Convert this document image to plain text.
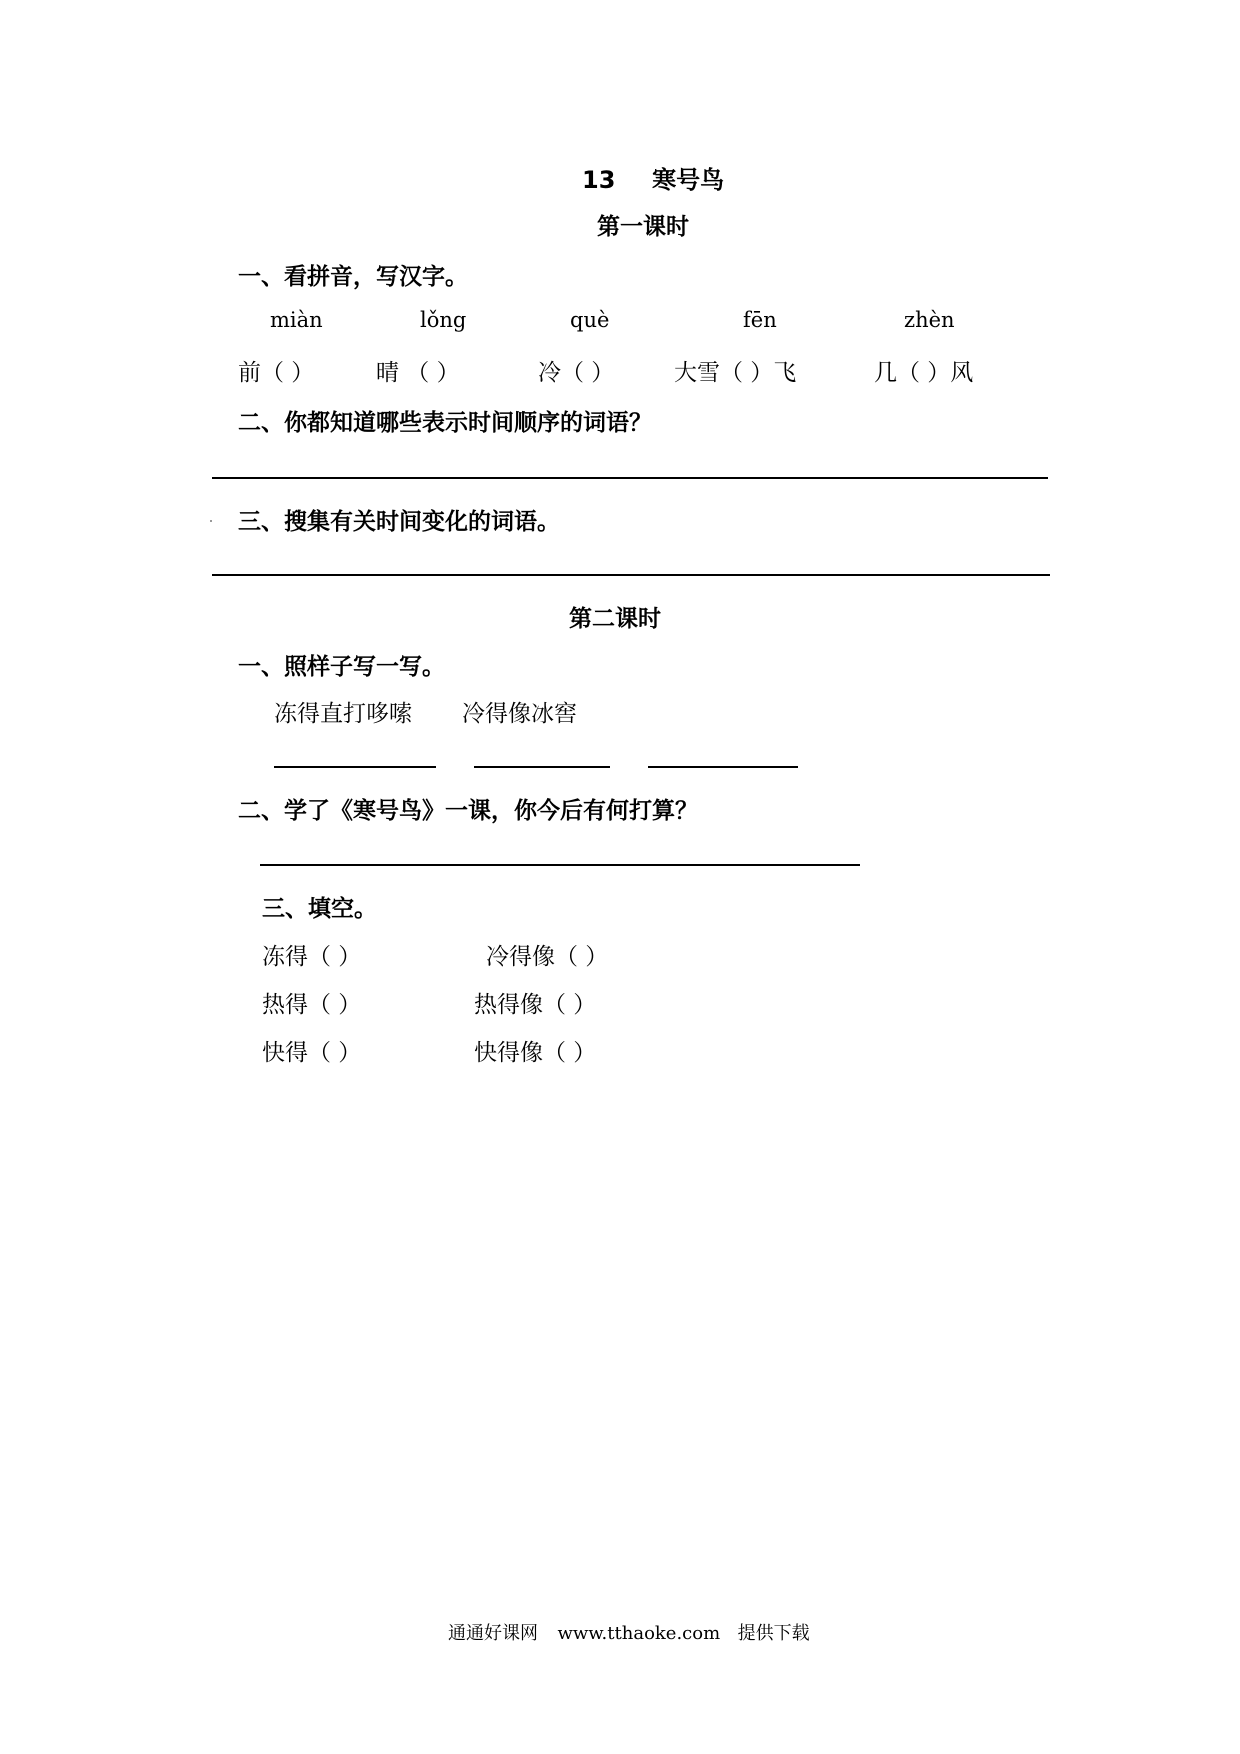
13 寒号鸟
第一课时
一、看拼音，写汉字。
miàn	lǒng	què	fēn	zhèn
前（ ）	晴 （ ）	冷（ ）	大雪（ ）飞	几（ ）风
二、你都知道哪些表示时间顺序的词语？
三、搜集有关时间变化的词语。
第二课时
一、照样子写一写。
冻得直打哆嗦 冷得像冰窖
二、学了《寒号鸟》一课，你今后有何打算？
三、填空。
冻得（ ）	冷得像（ ）
热得（ ）	热得像（ ）
快得（ ）	快得像（ ）
通通好课网 www.tthaoke.com 提供下载
